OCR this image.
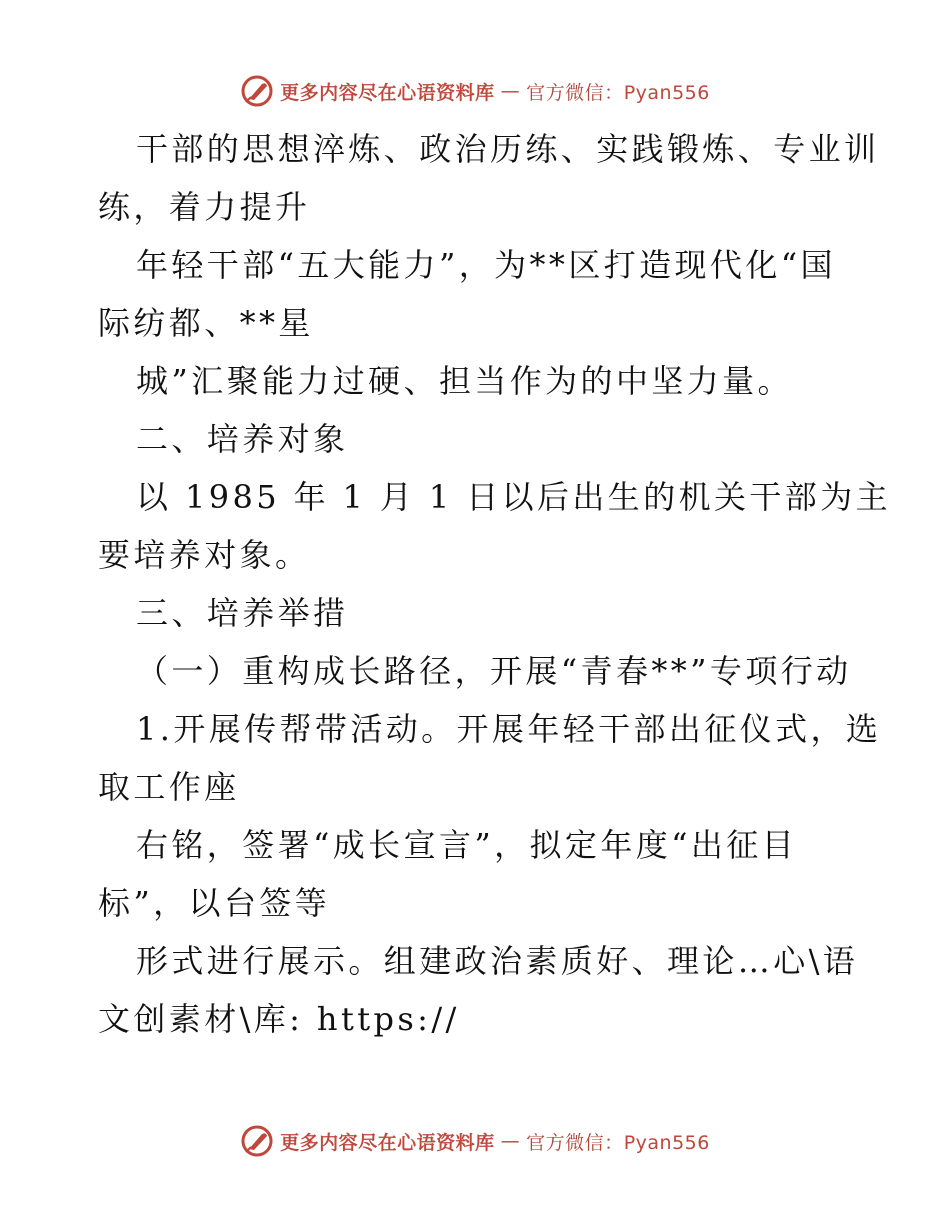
更多内容尽在心语资料库 — 官方微信：Pyan556
干部的思想淬炼、政治历练、实践锻炼、专业训
练，着力提升
年轻干部“五大能力”，为**区打造现代化“国
际纺都、**星
城”汇聚能力过硬、担当作为的中坚力量。
二、培养对象
以 1985 年 1 月 1 日以后出生的机关干部为主
要培养对象。
三、培养举措
（一）重构成长路径，开展“青春**”专项行动
1.开展传帮带活动。开展年轻干部出征仪式，选
取工作座
右铭，签署“成长宣言”，拟定年度“出征目
标”，以台签等
形式进行展示。组建政治素质好、理论…心\语
文创素材\库: https://
更多内容尽在心语资料库 — 官方微信：Pyan556
